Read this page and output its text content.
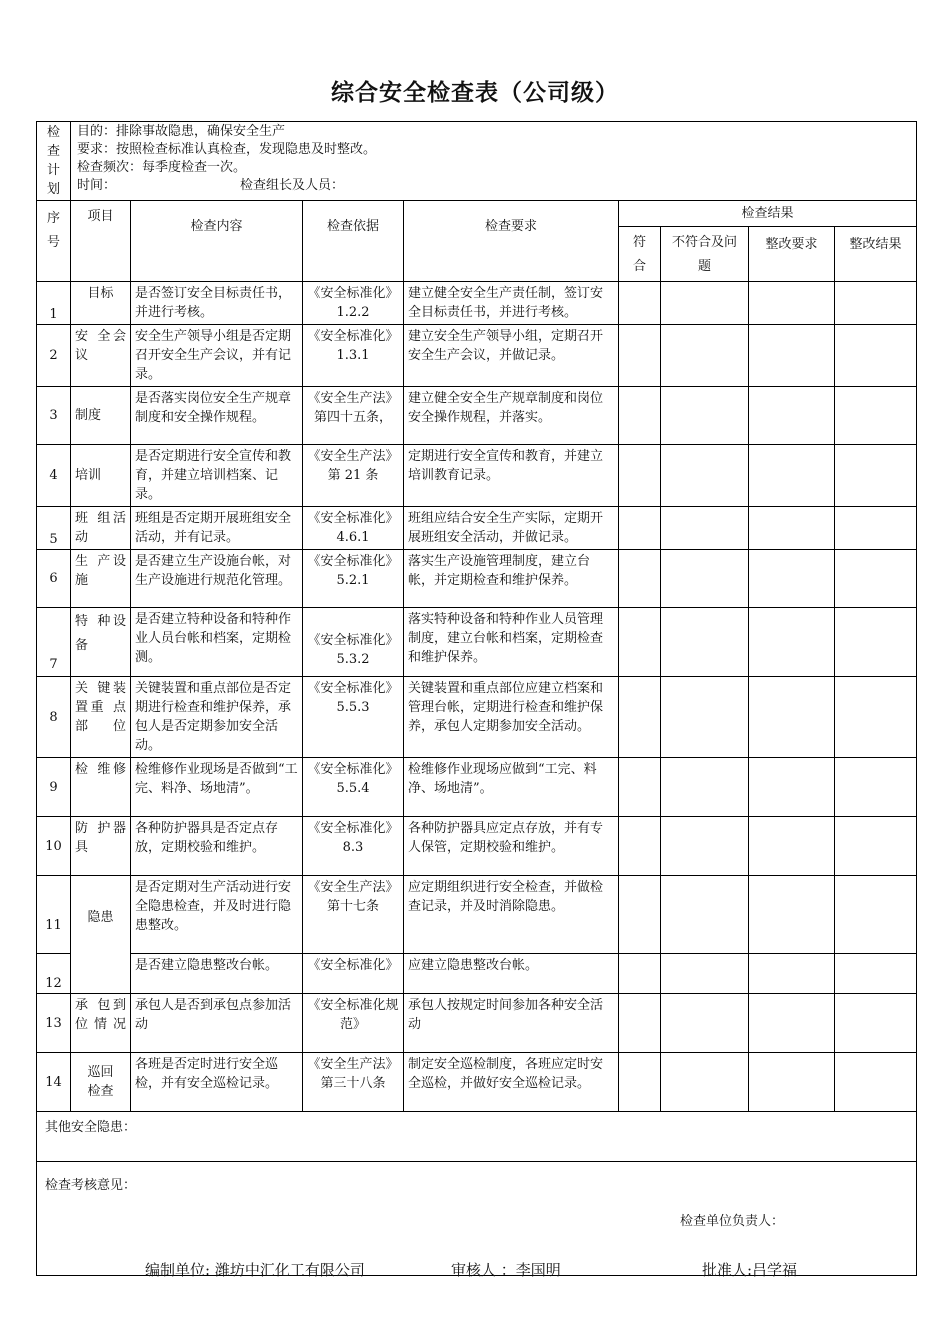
综合安全检查表（公司级）
检查计划	目的：排除事故隐患，确保安全生产
要求：按照检查标准认真检查，发现隐患及时整改。
检查频次：每季度检查一次。
时间：                              检查组长及人员：							

序号	项目	检查内容	检查依据	检查要求	检查结果			
					符合	不符合及问题	整改要求	整改结果
1	目标	是否签订安全目标责任书，并进行考核。	《安全标准化》1.2.2	建立健全安全生产责任制，签订安全目标责任书，并进行考核。				
2	安 全会议	安全生产领导小组是否定期召开安全生产会议，并有记录。	《安全标准化》1.3.1	建立安全生产领导小组，定期召开安全生产会议，并做记录。				
3	制度	是否落实岗位安全生产规章制度和安全操作规程。	《安全生产法》第四十五条，	建立健全安全生产规章制度和岗位安全操作规程，并落实。				
4	培训	是否定期进行安全宣传和教育，并建立培训档案、记录。	《安全生产法》第 21 条	定期进行安全宣传和教育，并建立培训教育记录。				
5	班 组活动	班组是否定期开展班组安全活动，并有记录。	《安全标准化》4.6.1	班组应结合安全生产实际，定期开展班组安全活动，并做记录。				
6	生 产设施	是否建立生产设施台帐，对生产设施进行规范化管理。	《安全标准化》5.2.1	落实生产设施管理制度，建立台帐，并定期检查和维护保养。				
7	特 种设备	是否建立特种设备和特种作业人员台帐和档案，定期检测。	《安全标准化》5.3.2	落实特种设备和特种作业人员管理制度，建立台帐和档案，定期检查和维护保养。				
8	关 键装 置重 点部位	关键装置和重点部位是否定期进行检查和维护保养，承包人是否定期参加安全活动。	《安全标准化》5.5.3	关键装置和重点部位应建立档案和管理台帐，定期进行检查和维护保养，承包人定期参加安全活动。				
9	检 维修	检维修作业现场是否做到“工完、料净、场地清”。	《安全标准化》5.5.4	检维修作业现场应做到“工完、料净、场地清”。				
10	防 护器具	各种防护器具是否定点存放，定期校验和维护。	《安全标准化》8.3	各种防护器具应定点存放，并有专人保管，定期校验和维护。				
11	隐患	是否定期对生产活动进行安全隐患检查，并及时进行隐患整改。	《安全生产法》第十七条	应定期组织进行安全检查，并做检查记录，并及时消除隐患。				
12		是否建立隐患整改台帐。	《安全标准化》	应建立隐患整改台帐。				
13	承 包到 位情况	承包人是否到承包点参加活动	《安全标准化规范》	承包人按规定时间参加各种安全活动				
14	巡回检查	各班是否定时进行安全巡检，并有安全巡检记录。	《安全生产法》第三十八条	制定安全巡检制度，各班应定时安全巡检，并做好安全巡检记录。				
其他安全隐患：								
检查考核意见：
检查单位负责人：								
编制单位: 潍坊中汇化工有限公司	审核人 ：李国明	批准人:吕学福
